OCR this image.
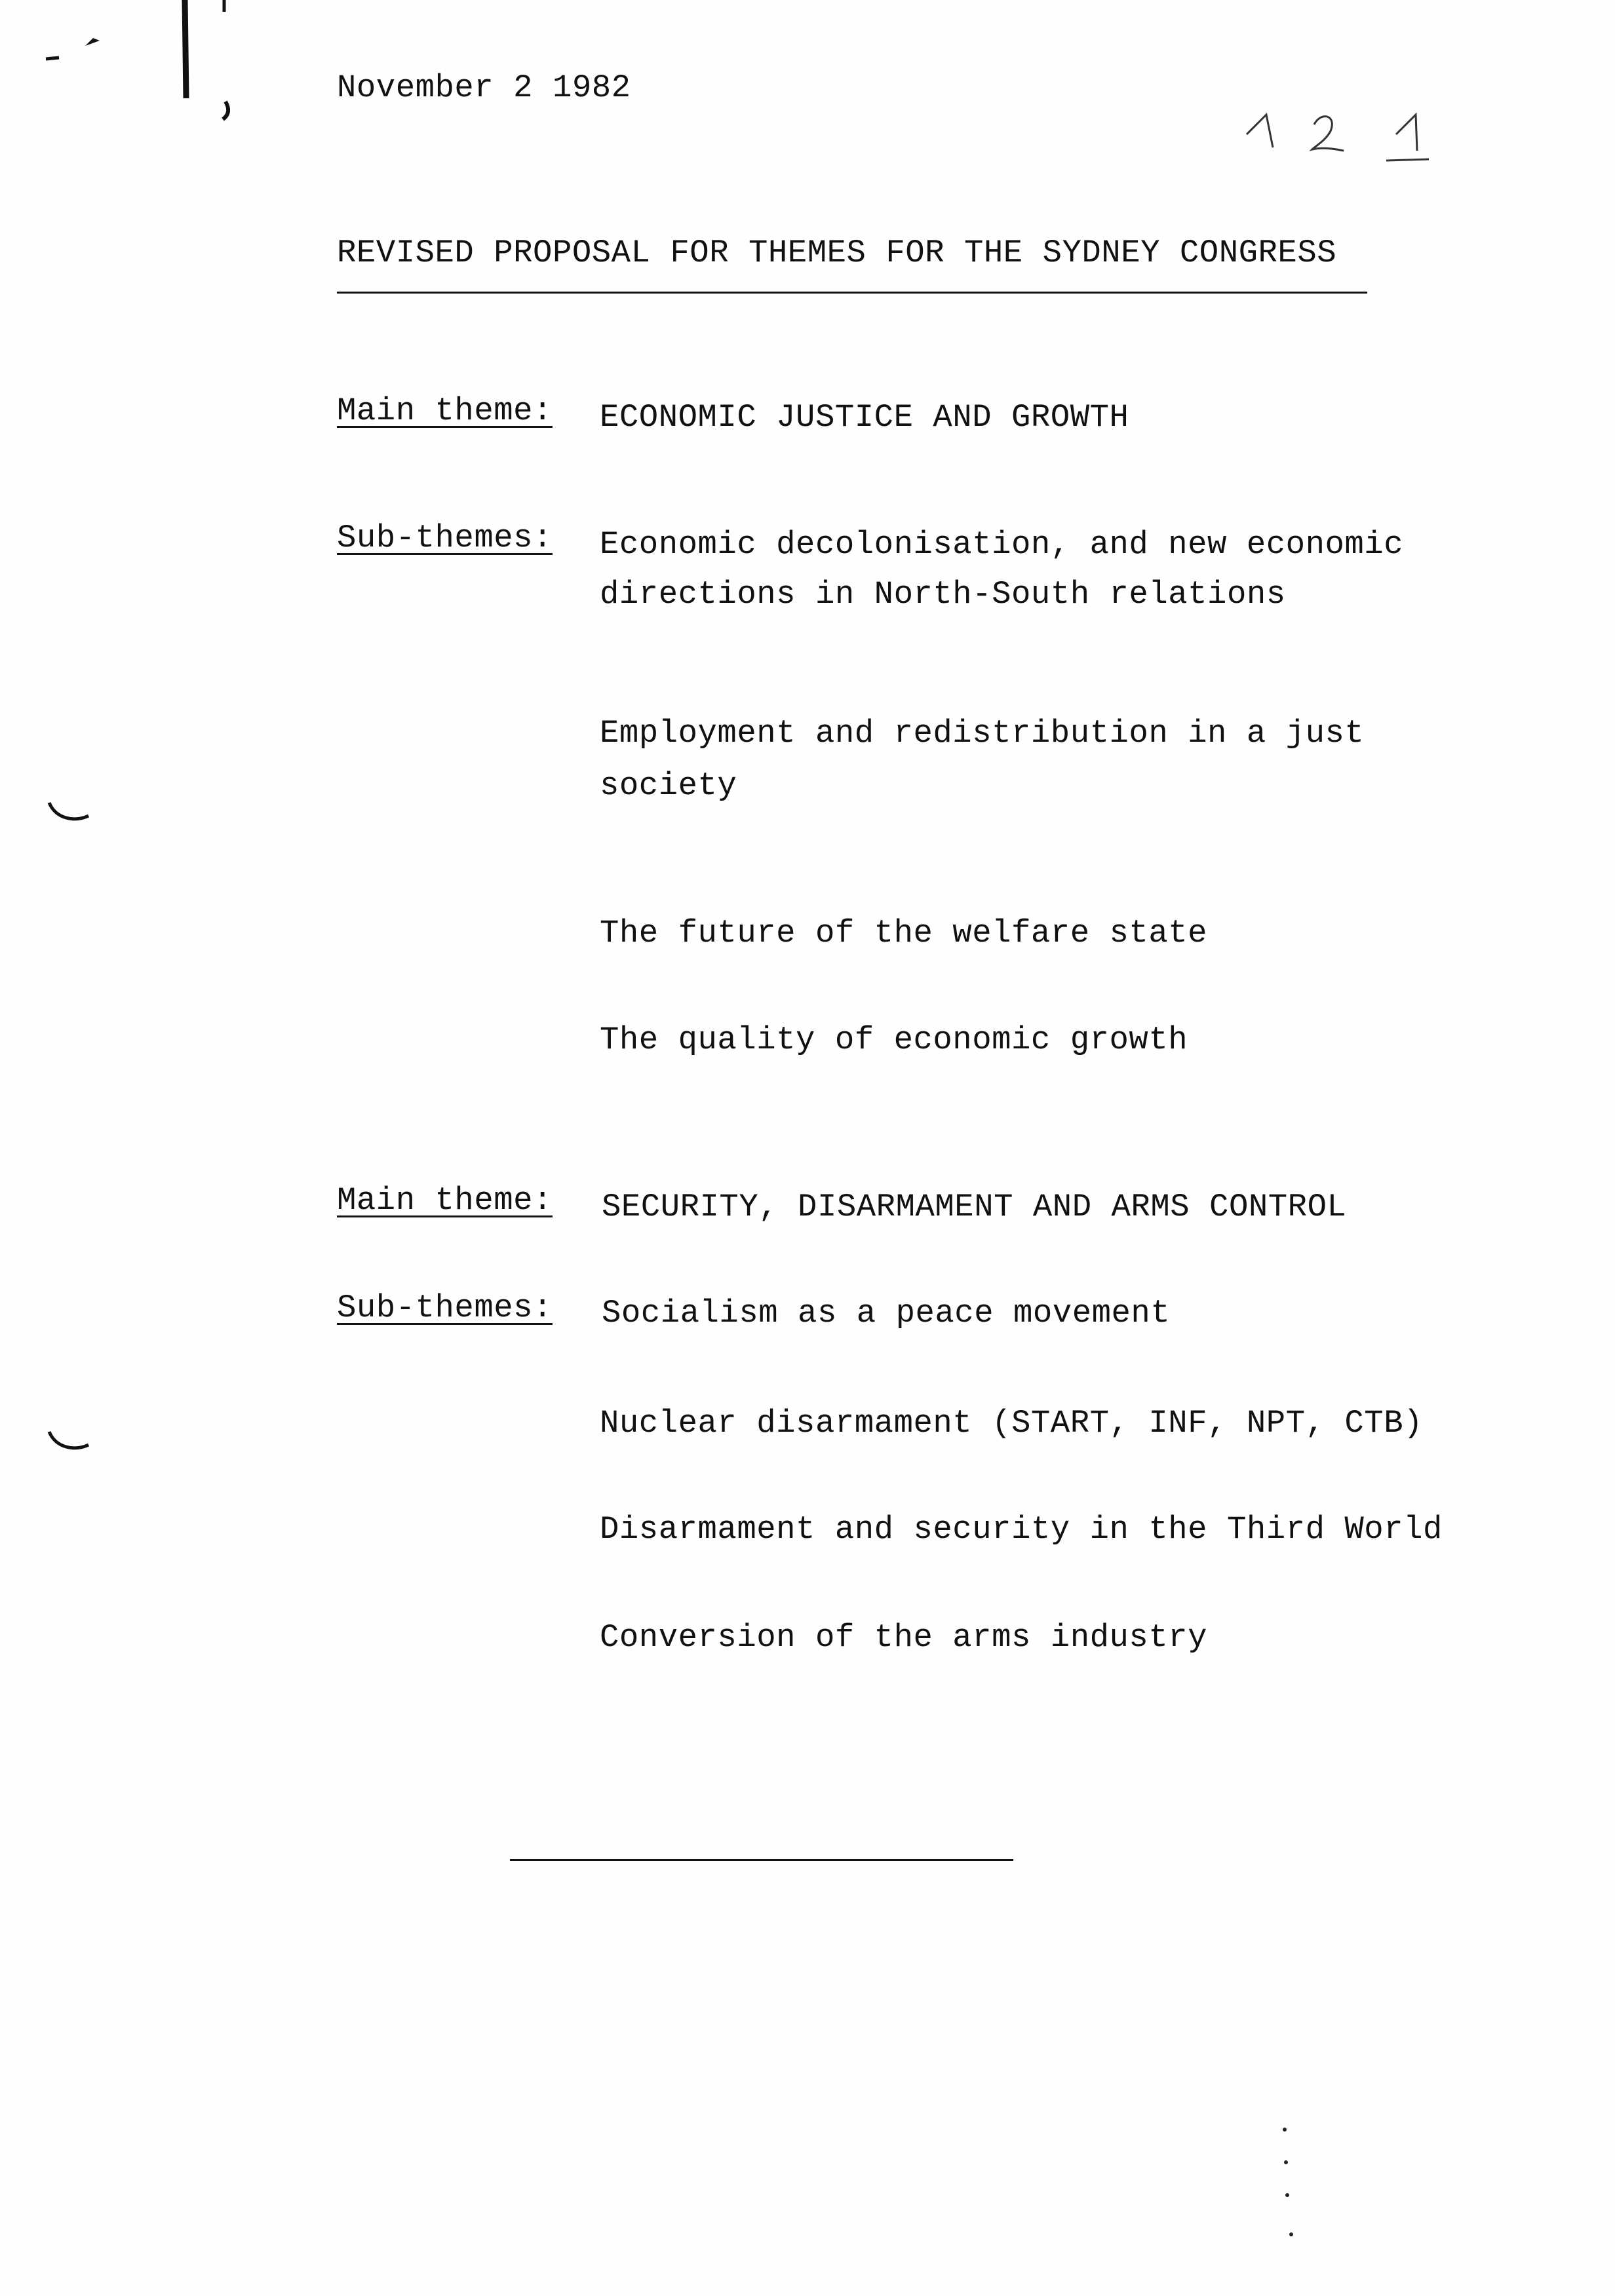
November 2 1982
REVISED PROPOSAL FOR THEMES FOR THE SYDNEY CONGRESS
Main theme: ECONOMIC JUSTICE AND GROWTH
Sub-themes: Economic decolonisation, and new economic
directions in North-South relations
Employment and redistribution in a just
society
The future of the welfare state
The quality of economic growth
Main theme: SECURITY, DISARMAMENT AND ARMS CONTROL
Sub-themes: Socialism as a peace movement
Nuclear disarmament (START, INF, NPT, CTB)
Disarmament and security in the Third World
Conversion of the arms industry
